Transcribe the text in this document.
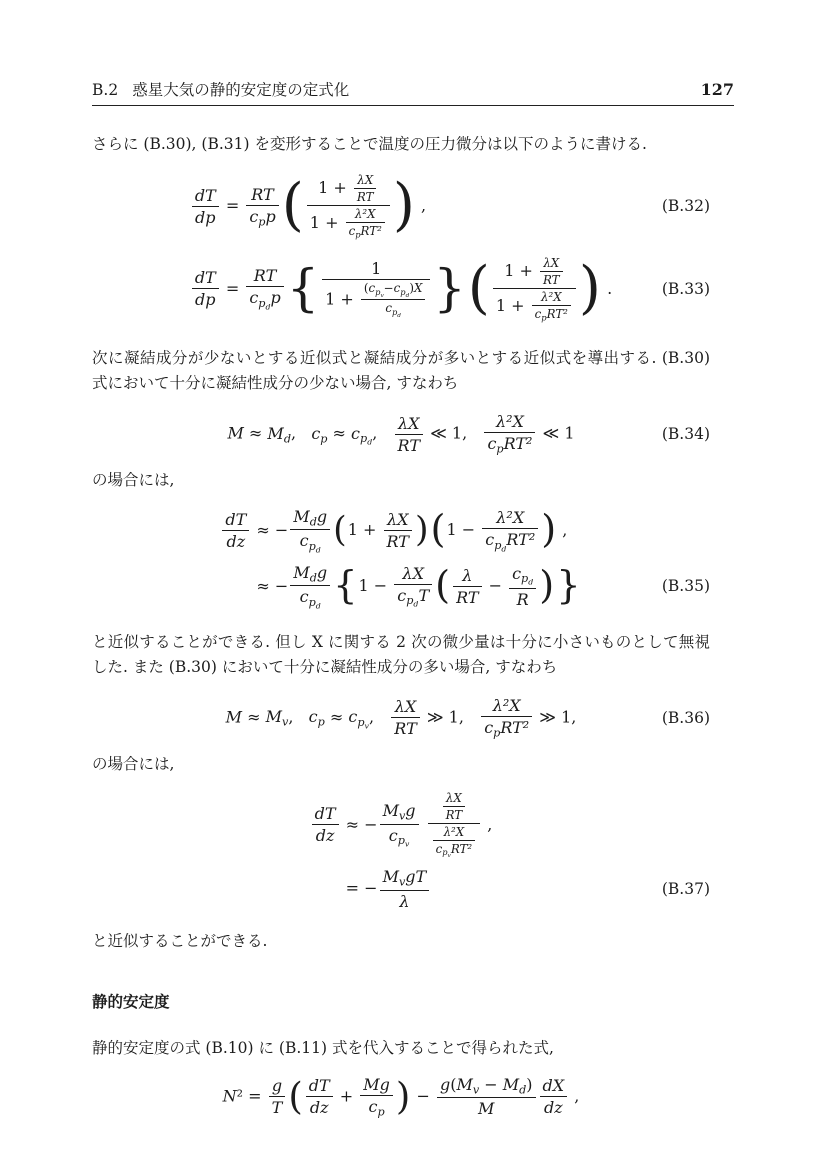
B.2 惑星大気の静的安定度の定式化	127

さらに (B.30), (B.31) を変形することで温度の圧力微分は以下のように書ける.

$\frac{dT}{dp}$ =
RT
$c_pp$ ( $1 + \frac{\lambda X}{RT}$
1 + λ²X
$c_pRT^2$ ) ,	(B.32)
$\frac{dT}{dp}$ =
RT
$c_{p_d}p$ {	1
1 +
$(c_{p_v}-c_{p_d})X$
$c_{p_d}$ }( $1 + \frac{\lambda X}{RT}$
1 + λ²X
$c_pRT^2$ ) .	(B.33)

次に凝結成分が少ないとする近似式と凝結成分が多いとする近似式を導出する. (B.30) 式において十分に凝結性成分の少ない場合, すなわち

$M \approx M_d$,   $c_p \approx c_{p_d}$, $\frac{\lambda X}{RT}$ ≪ 1,
λ²X
$c_pRT^2$
≪ 1	(B.34)

の場合には,

$\frac{dT}{dz}$ ≈ −
$M_dg$
$c_{p_d}$ $(1 + \frac{\lambda X}{RT} )(1$ −
λ²X
$c_{p_d}RT^2$ ) ,
≈ −
$M_dg$
$c_{p_d}$ {1 −
λX
$c_{p_d}T$ ( $\frac{\lambda}{RT}$ −
$c_{p_d}$
R )}	(B.35)

と近似することができる. 但し X に関する 2 次の微少量は十分に小さいものとして無視した. また (B.30) において十分に凝結性成分の多い場合, すなわち

$M \approx M_v$,   $c_p \approx c_{p_v}$, $\frac{\lambda X}{RT}$ ≫ 1,
λ²X
$c_pRT^2$
≫ 1,	(B.36)

の場合には,

$\frac{dT}{dz}$ ≈ −
$M_vg$
$c_{p_v}$

$\frac{\lambda X}{RT}$
λ²X
$c_{p_v}RT^2$
,
= −
$M_vgT$
λ
(B.37)

と近似することができる.

静的安定度

静的安定度の式 (B.10) に (B.11) 式を代入することで得られた式,

$N^2 = \frac{g}{T}$ ( $\frac{dT}{dz} + \frac{Mg}{c_p}$ ) − $\frac{g(M_v - M_d)}{M} \frac{dX}{dz}$ ,
